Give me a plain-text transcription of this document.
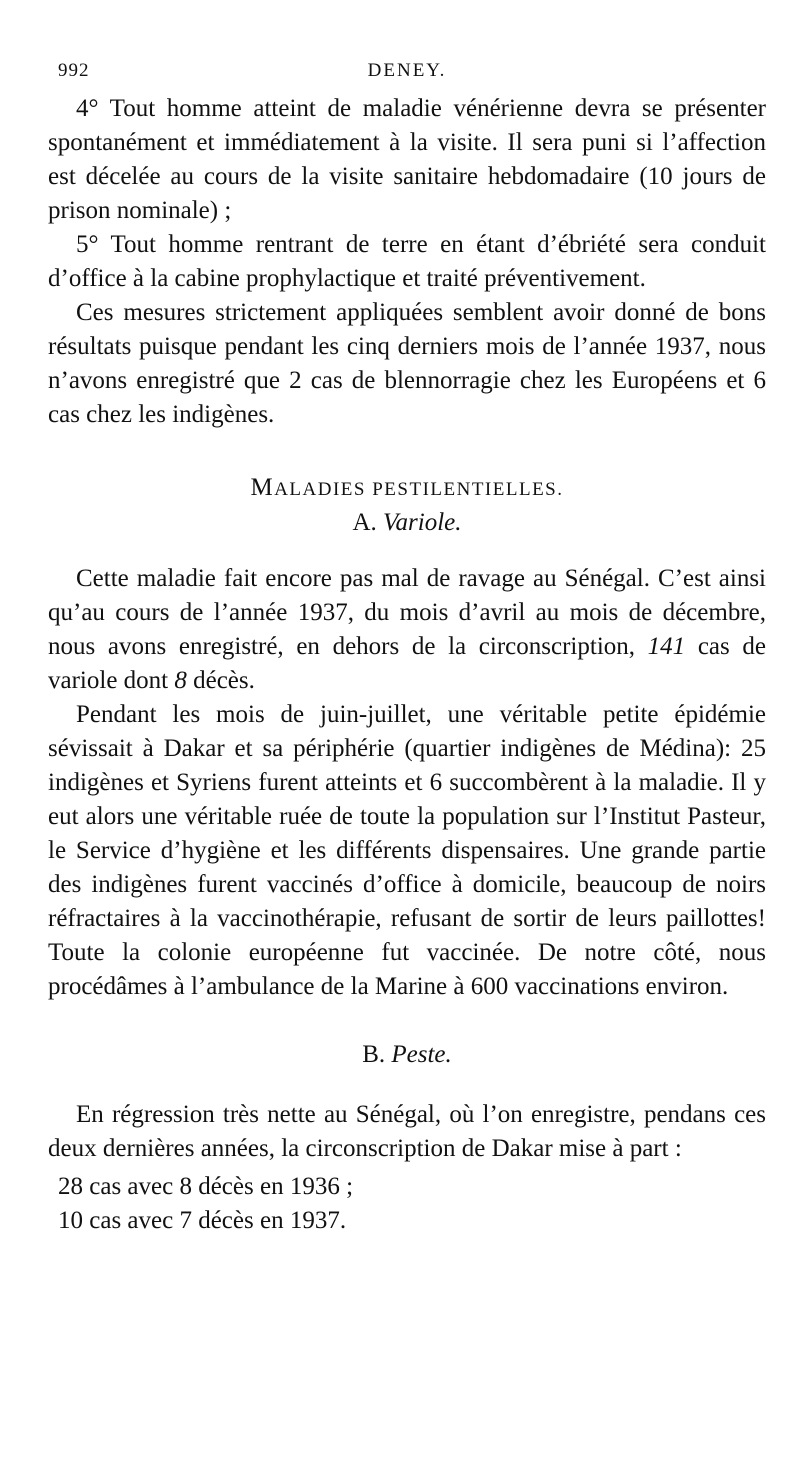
992	DENEY.

4° Tout homme atteint de maladie vénérienne devra se présenter spontanément et immédiatement à la visite. Il sera puni si l’affection est décelée au cours de la visite sanitaire hebdomadaire (10 jours de prison nominale) ;

5° Tout homme rentrant de terre en étant d’ébriété sera conduit d’office à la cabine prophylactique et traité préventivement.

Ces mesures strictement appliquées semblent avoir donné de bons résultats puisque pendant les cinq derniers mois de l’année 1937, nous n’avons enregistré que 2 cas de blennorragie chez les Européens et 6 cas chez les indigènes.

MALADIES PESTILENTIELLES.
A. Variole.

Cette maladie fait encore pas mal de ravage au Sénégal. C’est ainsi qu’au cours de l’année 1937, du mois d’avril au mois de décembre, nous avons enregistré, en dehors de la circonscription, 141 cas de variole dont 8 décès.

Pendant les mois de juin-juillet, une véritable petite épidémie sévissait à Dakar et sa périphérie (quartier indigènes de Médina): 25 indigènes et Syriens furent atteints et 6 succombèrent à la maladie. Il y eut alors une véritable ruée de toute la population sur l’Institut Pasteur, le Service d’hygiène et les différents dispensaires. Une grande partie des indigènes furent vaccinés d’office à domicile, beaucoup de noirs réfractaires à la vaccinothérapie, refusant de sortir de leurs paillottes! Toute la colonie européenne fut vaccinée. De notre côté, nous procédâmes à l’ambulance de la Marine à 600 vaccinations environ.

B. Peste.

En régression très nette au Sénégal, où l’on enregistre, pendans ces deux dernières années, la circonscription de Dakar mise à part :

28 cas avec 8 décès en 1936 ;
10 cas avec 7 décès en 1937.
